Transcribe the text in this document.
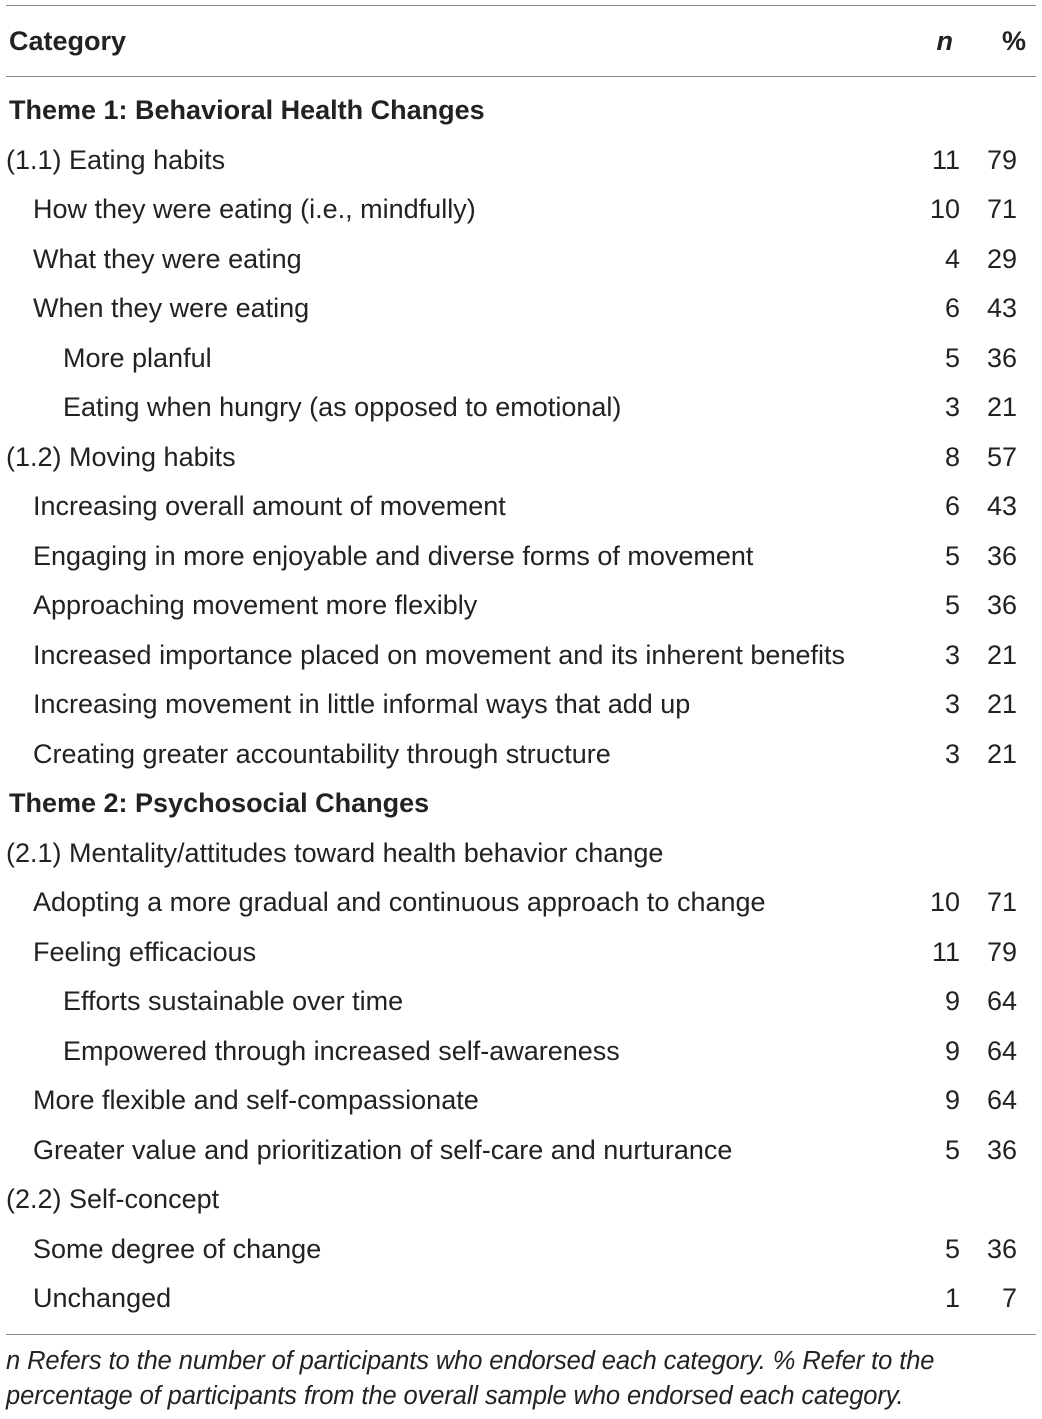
Category	n	%
Theme 1: Behavioral Health Changes
(1.1) Eating habits	11 79
How they were eating (i.e., mindfully)	10 71
What they were eating	4 29
When they were eating	6 43
More planful	5 36
Eating when hungry (as opposed to emotional)	3 21
(1.2) Moving habits	8 57
Increasing overall amount of movement	6 43
Engaging in more enjoyable and diverse forms of movement	5 36
Approaching movement more flexibly	5 36
Increased importance placed on movement and its inherent benefits	3 21
Increasing movement in little informal ways that add up	3 21
Creating greater accountability through structure	3 21
Theme 2: Psychosocial Changes
(2.1) Mentality/attitudes toward health behavior change
Adopting a more gradual and continuous approach to change	10 71
Feeling efficacious	11 79
Efforts sustainable over time	9 64
Empowered through increased self-awareness	9 64
More flexible and self-compassionate	9 64
Greater value and prioritization of self-care and nurturance	5 36
(2.2) Self-concept
Some degree of change	5 36
Unchanged	1	7
n Refers to the number of participants who endorsed each category. % Refer to the
percentage of participants from the overall sample who endorsed each category.
